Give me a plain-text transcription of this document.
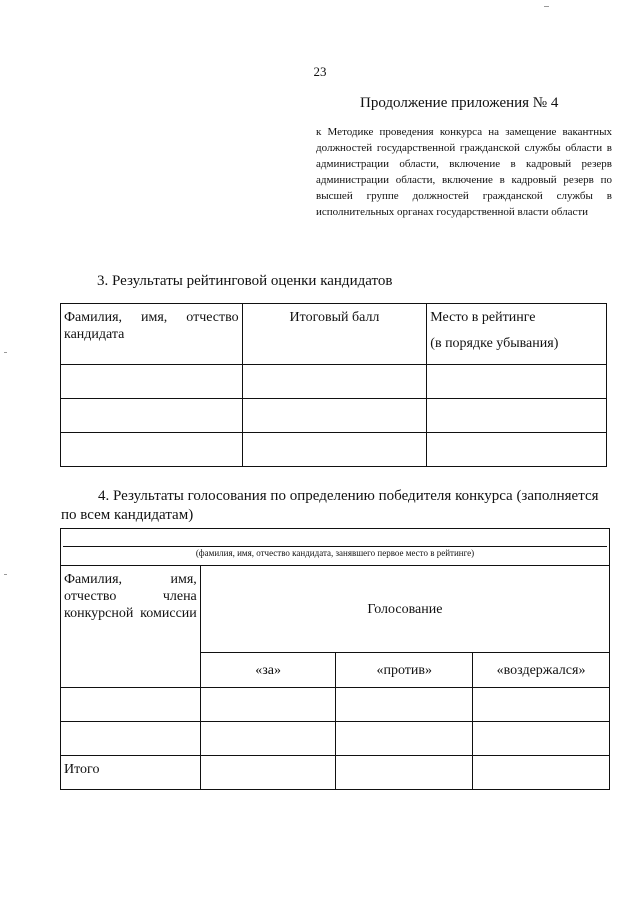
23
Продолжение приложения № 4
к Методике проведения конкурса на замещение вакантных должностей государственной гражданской службы области в администрации области, включение в кадровый резерв администрации области, включение в кадровый резерв по высшей группе должностей гражданской службы в исполнительных органах государственной власти области
3. Результаты рейтинговой оценки кандидатов
Фамилия, имя, отчество кандидата	Итоговый балл	Место в рейтинге
(в порядке убывания)

4. Результаты голосования по определению победителя конкурса (заполняется по всем кандидатам)
(фамилия, имя, отчество кандидата, занявшего первое место в рейтинге)			

Фамилия, имя, отчество члена конкурсной комиссии	Голосование		
	«за»	«против»	«воздержался»

Итого			
